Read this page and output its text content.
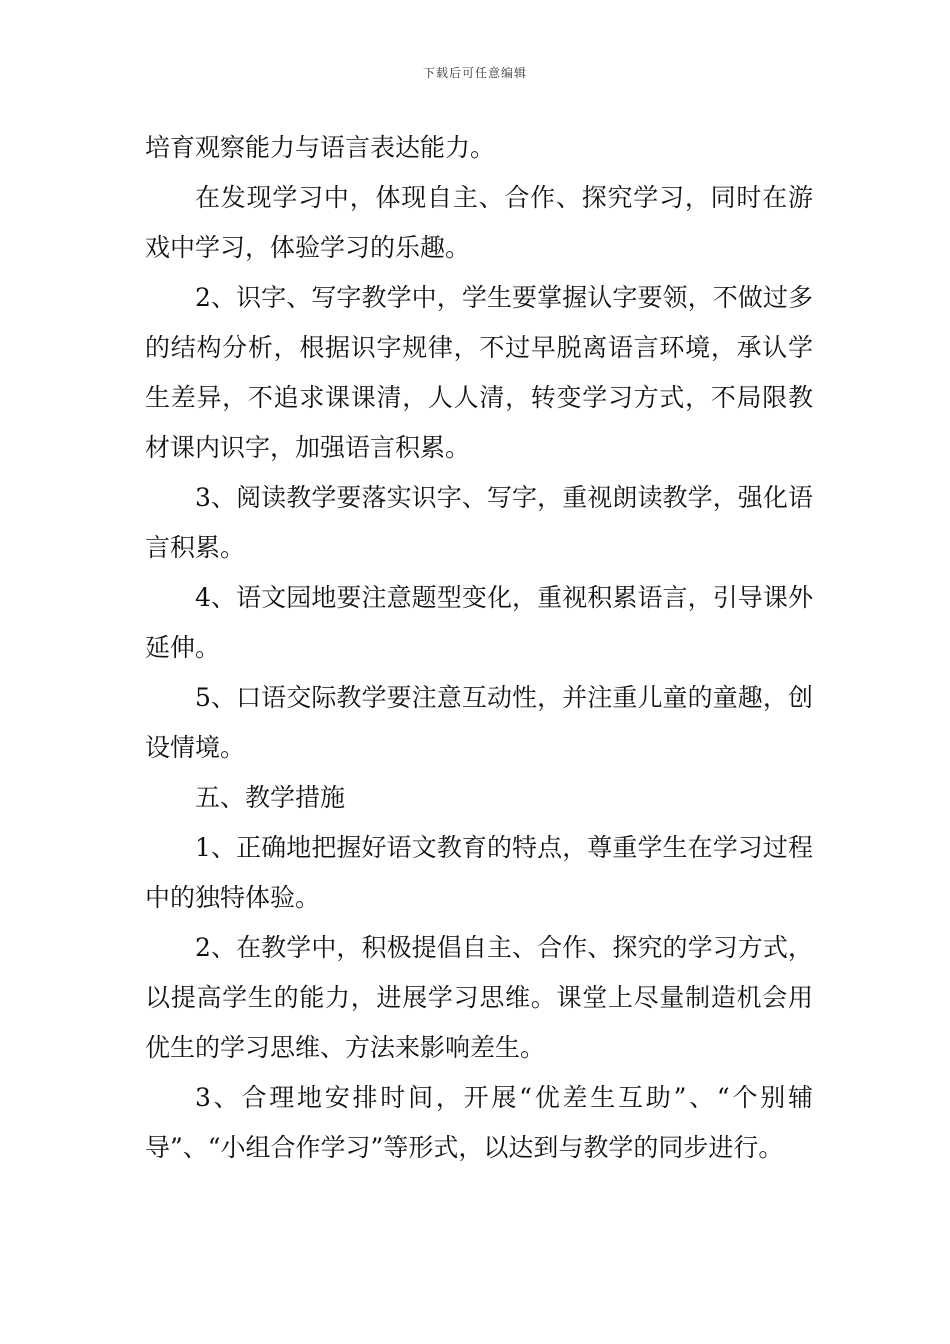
下载后可任意编辑

培育观察能力与语言表达能力。

在发现学习中，体现自主、合作、探究学习，同时在游戏中学习，体验学习的乐趣。

2、识字、写字教学中，学生要掌握认字要领，不做过多的结构分析，根据识字规律，不过早脱离语言环境，承认学生差异，不追求课课清，人人清，转变学习方式，不局限教材课内识字，加强语言积累。

3、阅读教学要落实识字、写字，重视朗读教学，强化语言积累。

4、语文园地要注意题型变化，重视积累语言，引导课外延伸。

5、口语交际教学要注意互动性，并注重儿童的童趣，创设情境。

五、教学措施

1、正确地把握好语文教育的特点，尊重学生在学习过程中的独特体验。

2、在教学中，积极提倡自主、合作、探究的学习方式，以提高学生的能力，进展学习思维。课堂上尽量制造机会用优生的学习思维、方法来影响差生。

3、合理地安排时间，开展“优差生互助”、“个别辅导”、“小组合作学习”等形式，以达到与教学的同步进行。
